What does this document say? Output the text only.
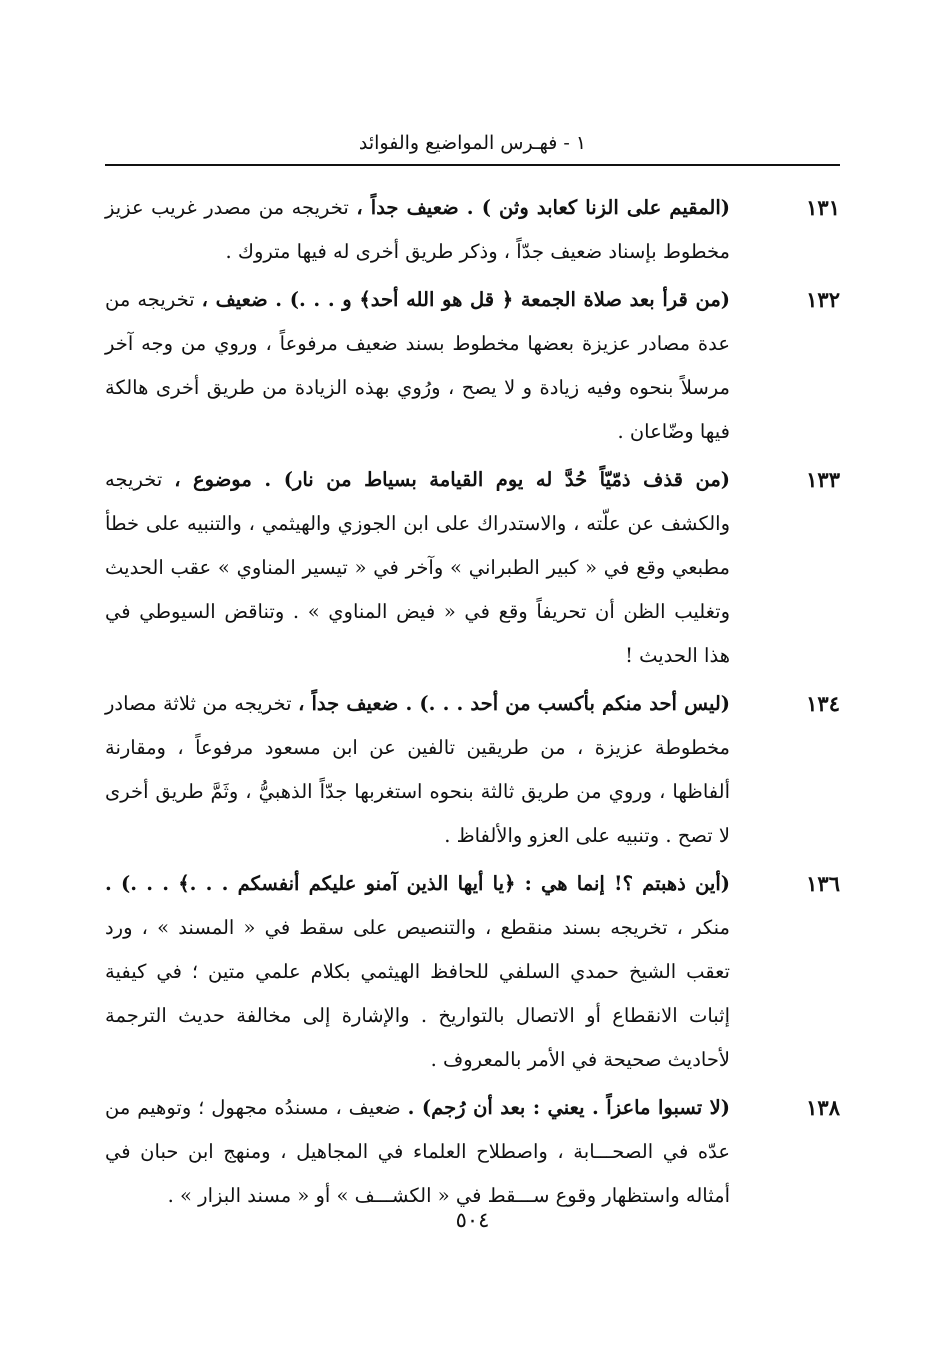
١ - فهـرس المواضيع والفوائد
١٣١
(المقيم على الزنا كعابد وثن ) . ضعيف جداً ، تخريجه من مصدر غريب عزيز مخطوط بإسناد ضعيف جدّاً ، وذكر طريق أخرى له فيها متروك .
١٣٢
(من قرأ بعد صلاة الجمعة ﴿ قل هو الله أحد﴾ و . . .) . ضعيف ، تخريجه من عدة مصادر عزيزة بعضها مخطوط بسند ضعيف مرفوعاً ، وروي من وجه آخر مرسلاً بنحوه وفيه زيادة و لا يصح ، ورُوي بهذه الزيادة من طريق أخرى هالكة فيها وضّاعان .
١٣٣
(من قذف ذمّيّاً حُدَّ له يوم القيامة بسياط من نار) . موضوع ، تخريجه والكشف عن علّته ، والاستدراك على ابن الجوزي والهيثمي ، والتنبيه على خطأ مطبعي وقع في « كبير الطبراني » وآخر في « تيسير المناوي » عقب الحديث وتغليب الظن أن تحريفاً وقع في « فيض المناوي » . وتناقض السيوطي في هذا الحديث !
١٣٤
(ليس أحد منكم بأكسب من أحد . . .) . ضعيف جداً ، تخريجه من ثلاثة مصادر مخطوطة عزيزة ، من طريقين تالفين عن ابن مسعود مرفوعاً ، ومقارنة ألفاظها ، وروي من طريق ثالثة بنحوه استغربها جدّاً الذهبيُّ ، وثَمَّ طريق أخرى لا تصح . وتنبيه على العزو والألفاظ .
١٣٦
(أين ذهبتم ؟! إنما هي : ﴿يا أيها الذين آمنو عليكم أنفسكم . . .﴾ . . .) . منكر ، تخريجه بسند منقطع ، والتنصيص على سقط في « المسند » ، ورد تعقب الشيخ حمدي السلفي للحافظ الهيثمي بكلام علمي متين ؛ في كيفية إثبات الانقطاع أو الاتصال بالتواريخ . والإشارة إلى مخالفة حديث الترجمة لأحاديث صحيحة في الأمر بالمعروف .
١٣٨
(لا تسبوا ماعزاً . يعني : بعد أن رُجم) . ضعيف ، مسندُه مجهول ؛ وتوهيم من عدّه في الصحـــابة ، واصطلاح العلماء في المجاهيل ، ومنهج ابن حبان في أمثاله واستظهار وقوع ســـقط في « الكشـــف » أو « مسند البزار » .
٥٠٤
